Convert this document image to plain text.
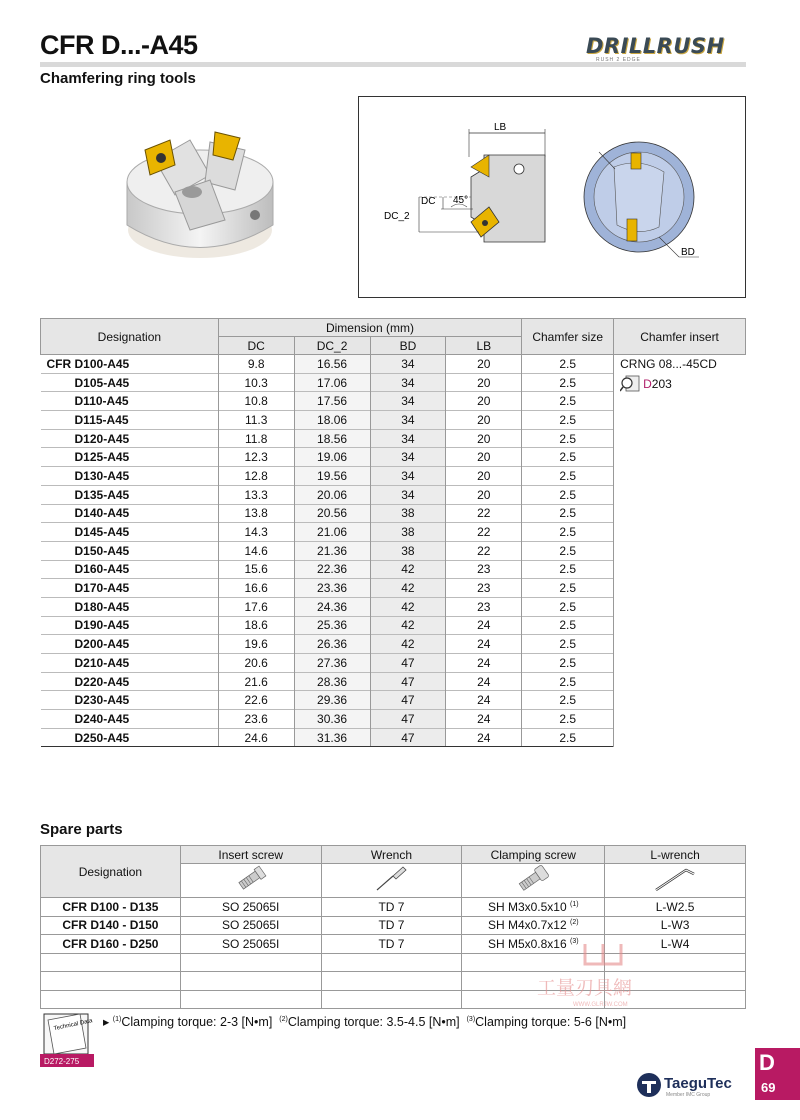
CFR D...-A45
Chamfering ring tools
DRILLRUSH
RUSH 2 EDGE
LB
DC
DC_2
45°
BD
Designation	Dimension (mm)				Chamfer size	Chamfer insert
	DC	DC_2	BD	LB		
CFR D100-A45	9.8	16.56	34	20	2.5	CRNG 08...-45CD
D203

D105-A45	10.3	17.06	34	20	2.5	
D110-A45	10.8	17.56	34	20	2.5	
D115-A45	11.3	18.06	34	20	2.5	
D120-A45	11.8	18.56	34	20	2.5	
D125-A45	12.3	19.06	34	20	2.5	
D130-A45	12.8	19.56	34	20	2.5	
D135-A45	13.3	20.06	34	20	2.5	
D140-A45	13.8	20.56	38	22	2.5	
D145-A45	14.3	21.06	38	22	2.5	
D150-A45	14.6	21.36	38	22	2.5	
D160-A45	15.6	22.36	42	23	2.5	
D170-A45	16.6	23.36	42	23	2.5	
D180-A45	17.6	24.36	42	23	2.5	
D190-A45	18.6	25.36	42	24	2.5	
D200-A45	19.6	26.36	42	24	2.5	
D210-A45	20.6	27.36	47	24	2.5	
D220-A45	21.6	28.36	47	24	2.5	
D230-A45	22.6	29.36	47	24	2.5	
D240-A45	23.6	30.36	47	24	2.5	
D250-A45	24.6	31.36	47	24	2.5	
Spare parts
Designation	Insert screw	Wrench	Clamping screw	L-wrench

CFR D100 - D135	SO 25065I	TD 7	SH M3x0.5x10 $^{(1)}$	L-W2.5
CFR D140 - D150	SO 25065I	TD 7	SH M4x0.7x12 $^{(2)}$	L-W3
CFR D160 - D250	SO 25065I	TD 7	SH M5x0.8x16 $^{(3)}$	L-W4

工量刃具網
WWW.GLRJW.COM
Technical Data
D272-275
▸ $^{(1)}$Clamping torque: 2-3 [N•m] $^{(2)}$Clamping torque: 3.5-4.5 [N•m] $^{(3)}$Clamping torque: 5-6 [N•m]
TaeguTec
Member IMC Group
D
69
